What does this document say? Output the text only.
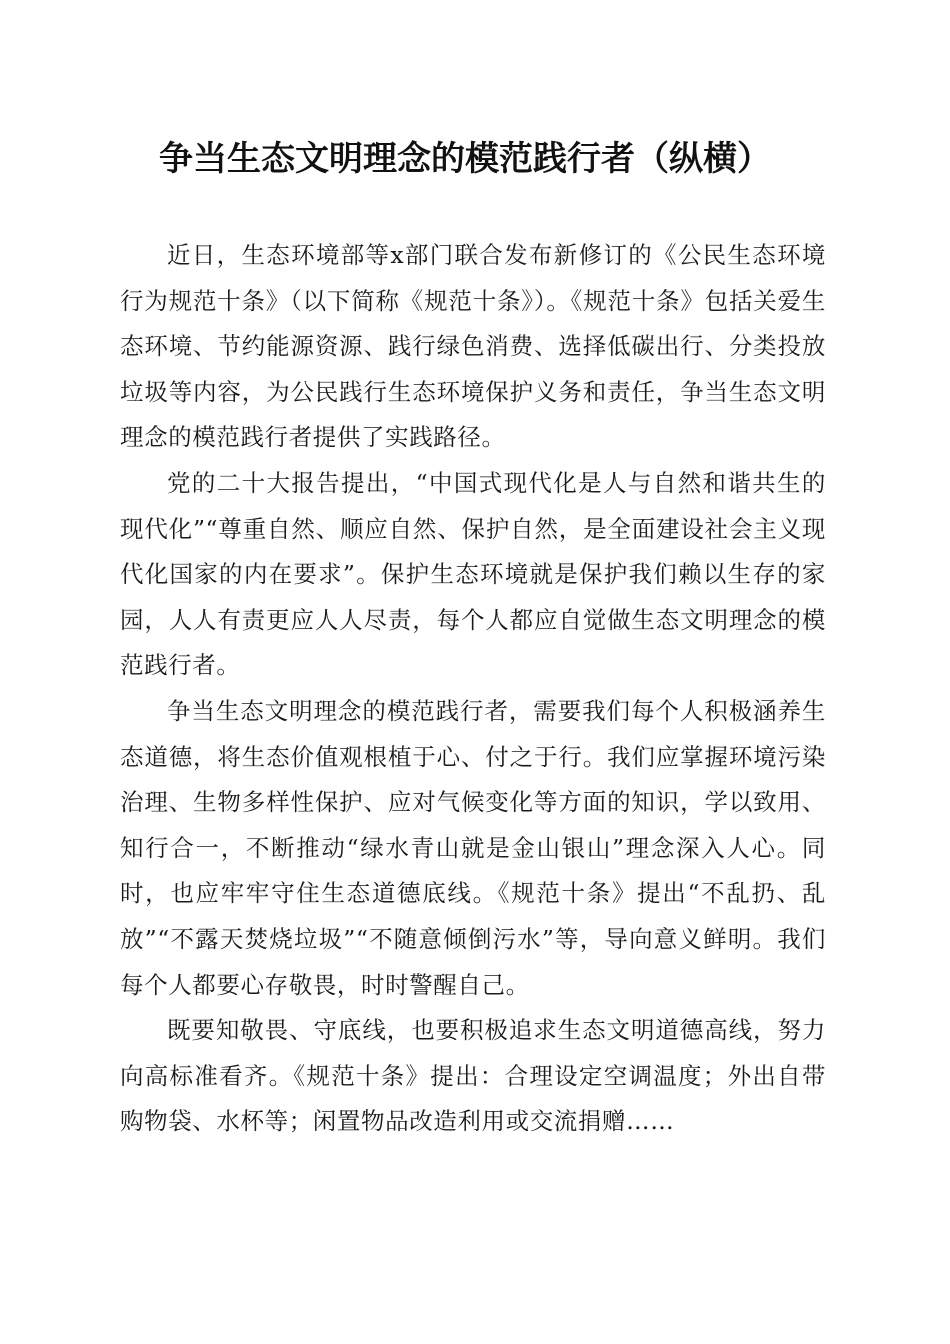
争当生态文明理念的模范践行者（纵横）

近日，生态环境部等x部门联合发布新修订的《公民生态环境行为规范十条》（以下简称《规范十条》）。《规范十条》包括关爱生态环境、节约能源资源、践行绿色消费、选择低碳出行、分类投放垃圾等内容，为公民践行生态环境保护义务和责任，争当生态文明理念的模范践行者提供了实践路径。

党的二十大报告提出，“中国式现代化是人与自然和谐共生的现代化”“尊重自然、顺应自然、保护自然，是全面建设社会主义现代化国家的内在要求”。保护生态环境就是保护我们赖以生存的家园，人人有责更应人人尽责，每个人都应自觉做生态文明理念的模范践行者。

争当生态文明理念的模范践行者，需要我们每个人积极涵养生态道德，将生态价值观根植于心、付之于行。我们应掌握环境污染治理、生物多样性保护、应对气候变化等方面的知识，学以致用、知行合一，不断推动“绿水青山就是金山银山”理念深入人心。同时，也应牢牢守住生态道德底线。《规范十条》提出“不乱扔、乱放”“不露天焚烧垃圾”“不随意倾倒污水”等，导向意义鲜明。我们每个人都要心存敬畏，时时警醒自己。

既要知敬畏、守底线，也要积极追求生态文明道德高线，努力向高标准看齐。《规范十条》提出：合理设定空调温度；外出自带购物袋、水杯等；闲置物品改造利用或交流捐赠……
